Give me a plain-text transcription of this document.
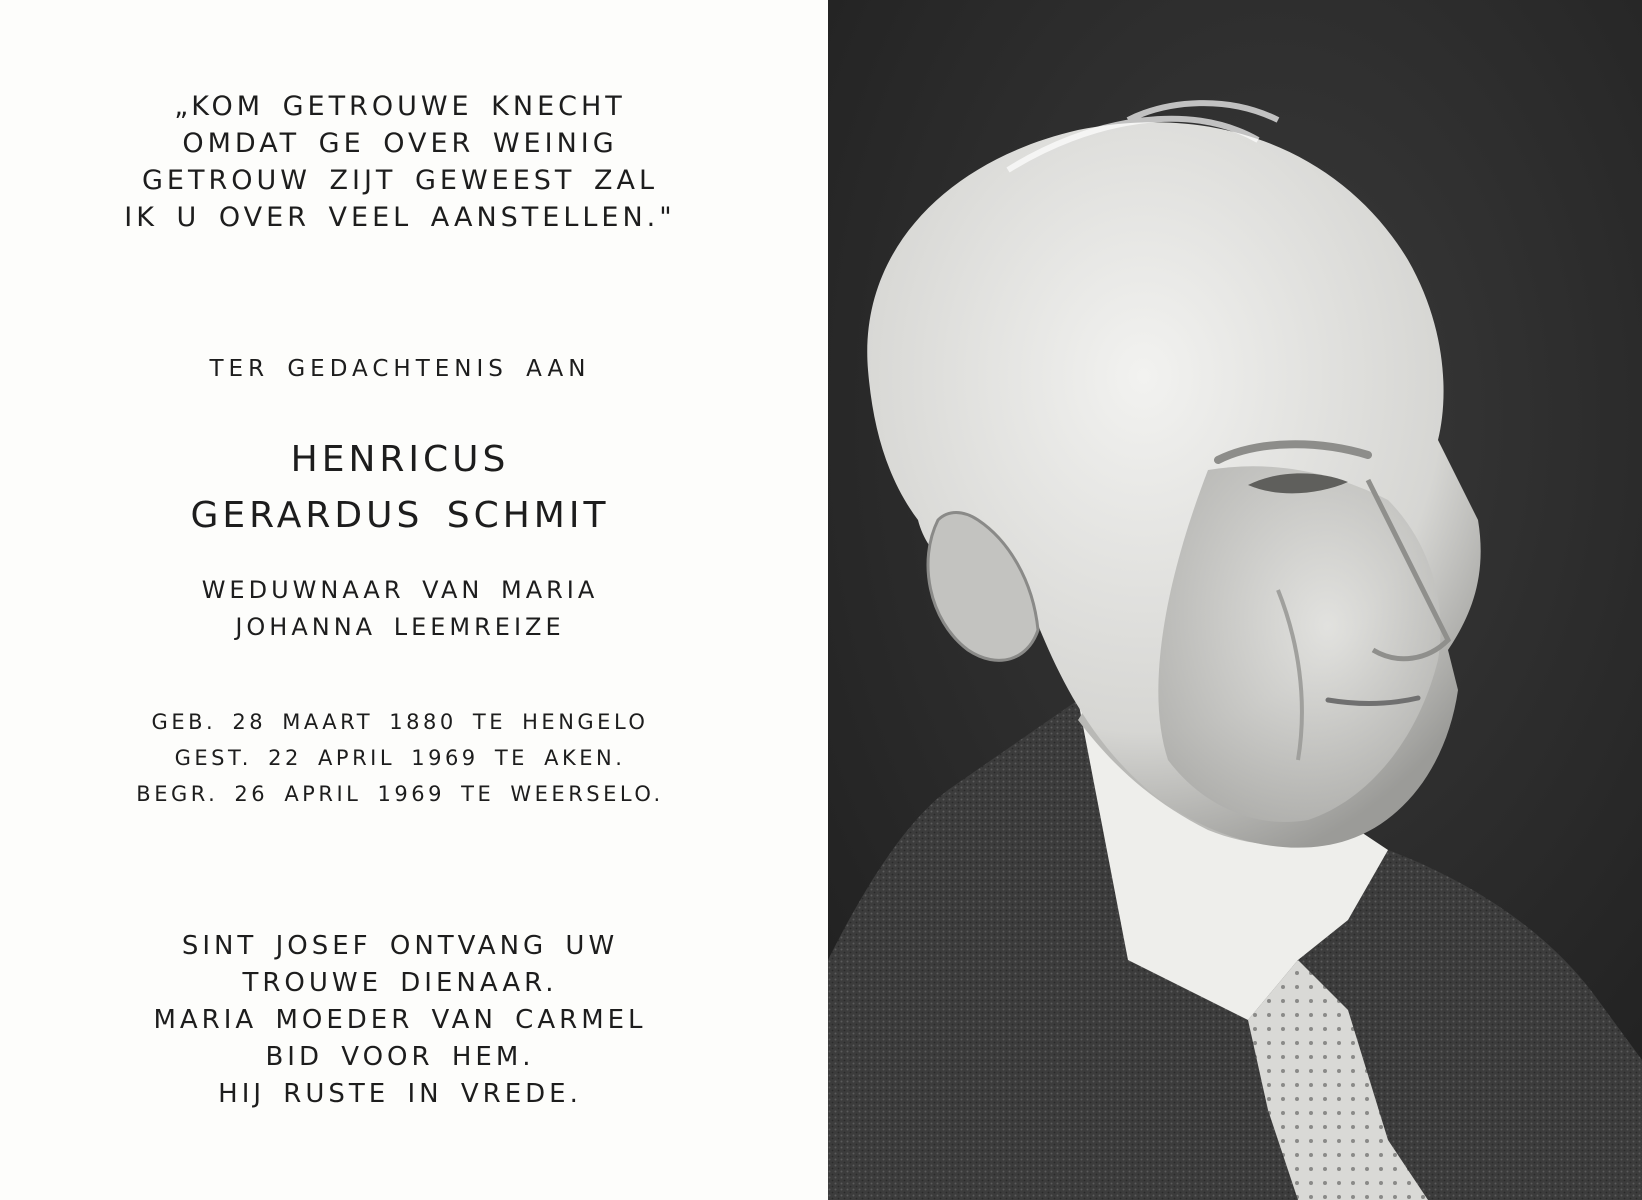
„KOM GETROUWE KNECHT

OMDAT GE OVER WEINIG

GETROUW ZIJT GEWEEST ZAL

IK U OVER VEEL AANSTELLEN."

TER GEDACHTENIS AAN

HENRICUS

GERARDUS SCHMIT

WEDUWNAAR VAN MARIA

JOHANNA LEEMREIZE

GEB. 28 MAART 1880 TE HENGELO

GEST. 22 APRIL 1969 TE AKEN.

BEGR. 26 APRIL 1969 TE WEERSELO.

SINT JOSEF ONTVANG UW

TROUWE DIENAAR.

MARIA MOEDER VAN CARMEL

BID VOOR HEM.

HIJ RUSTE IN VREDE.
